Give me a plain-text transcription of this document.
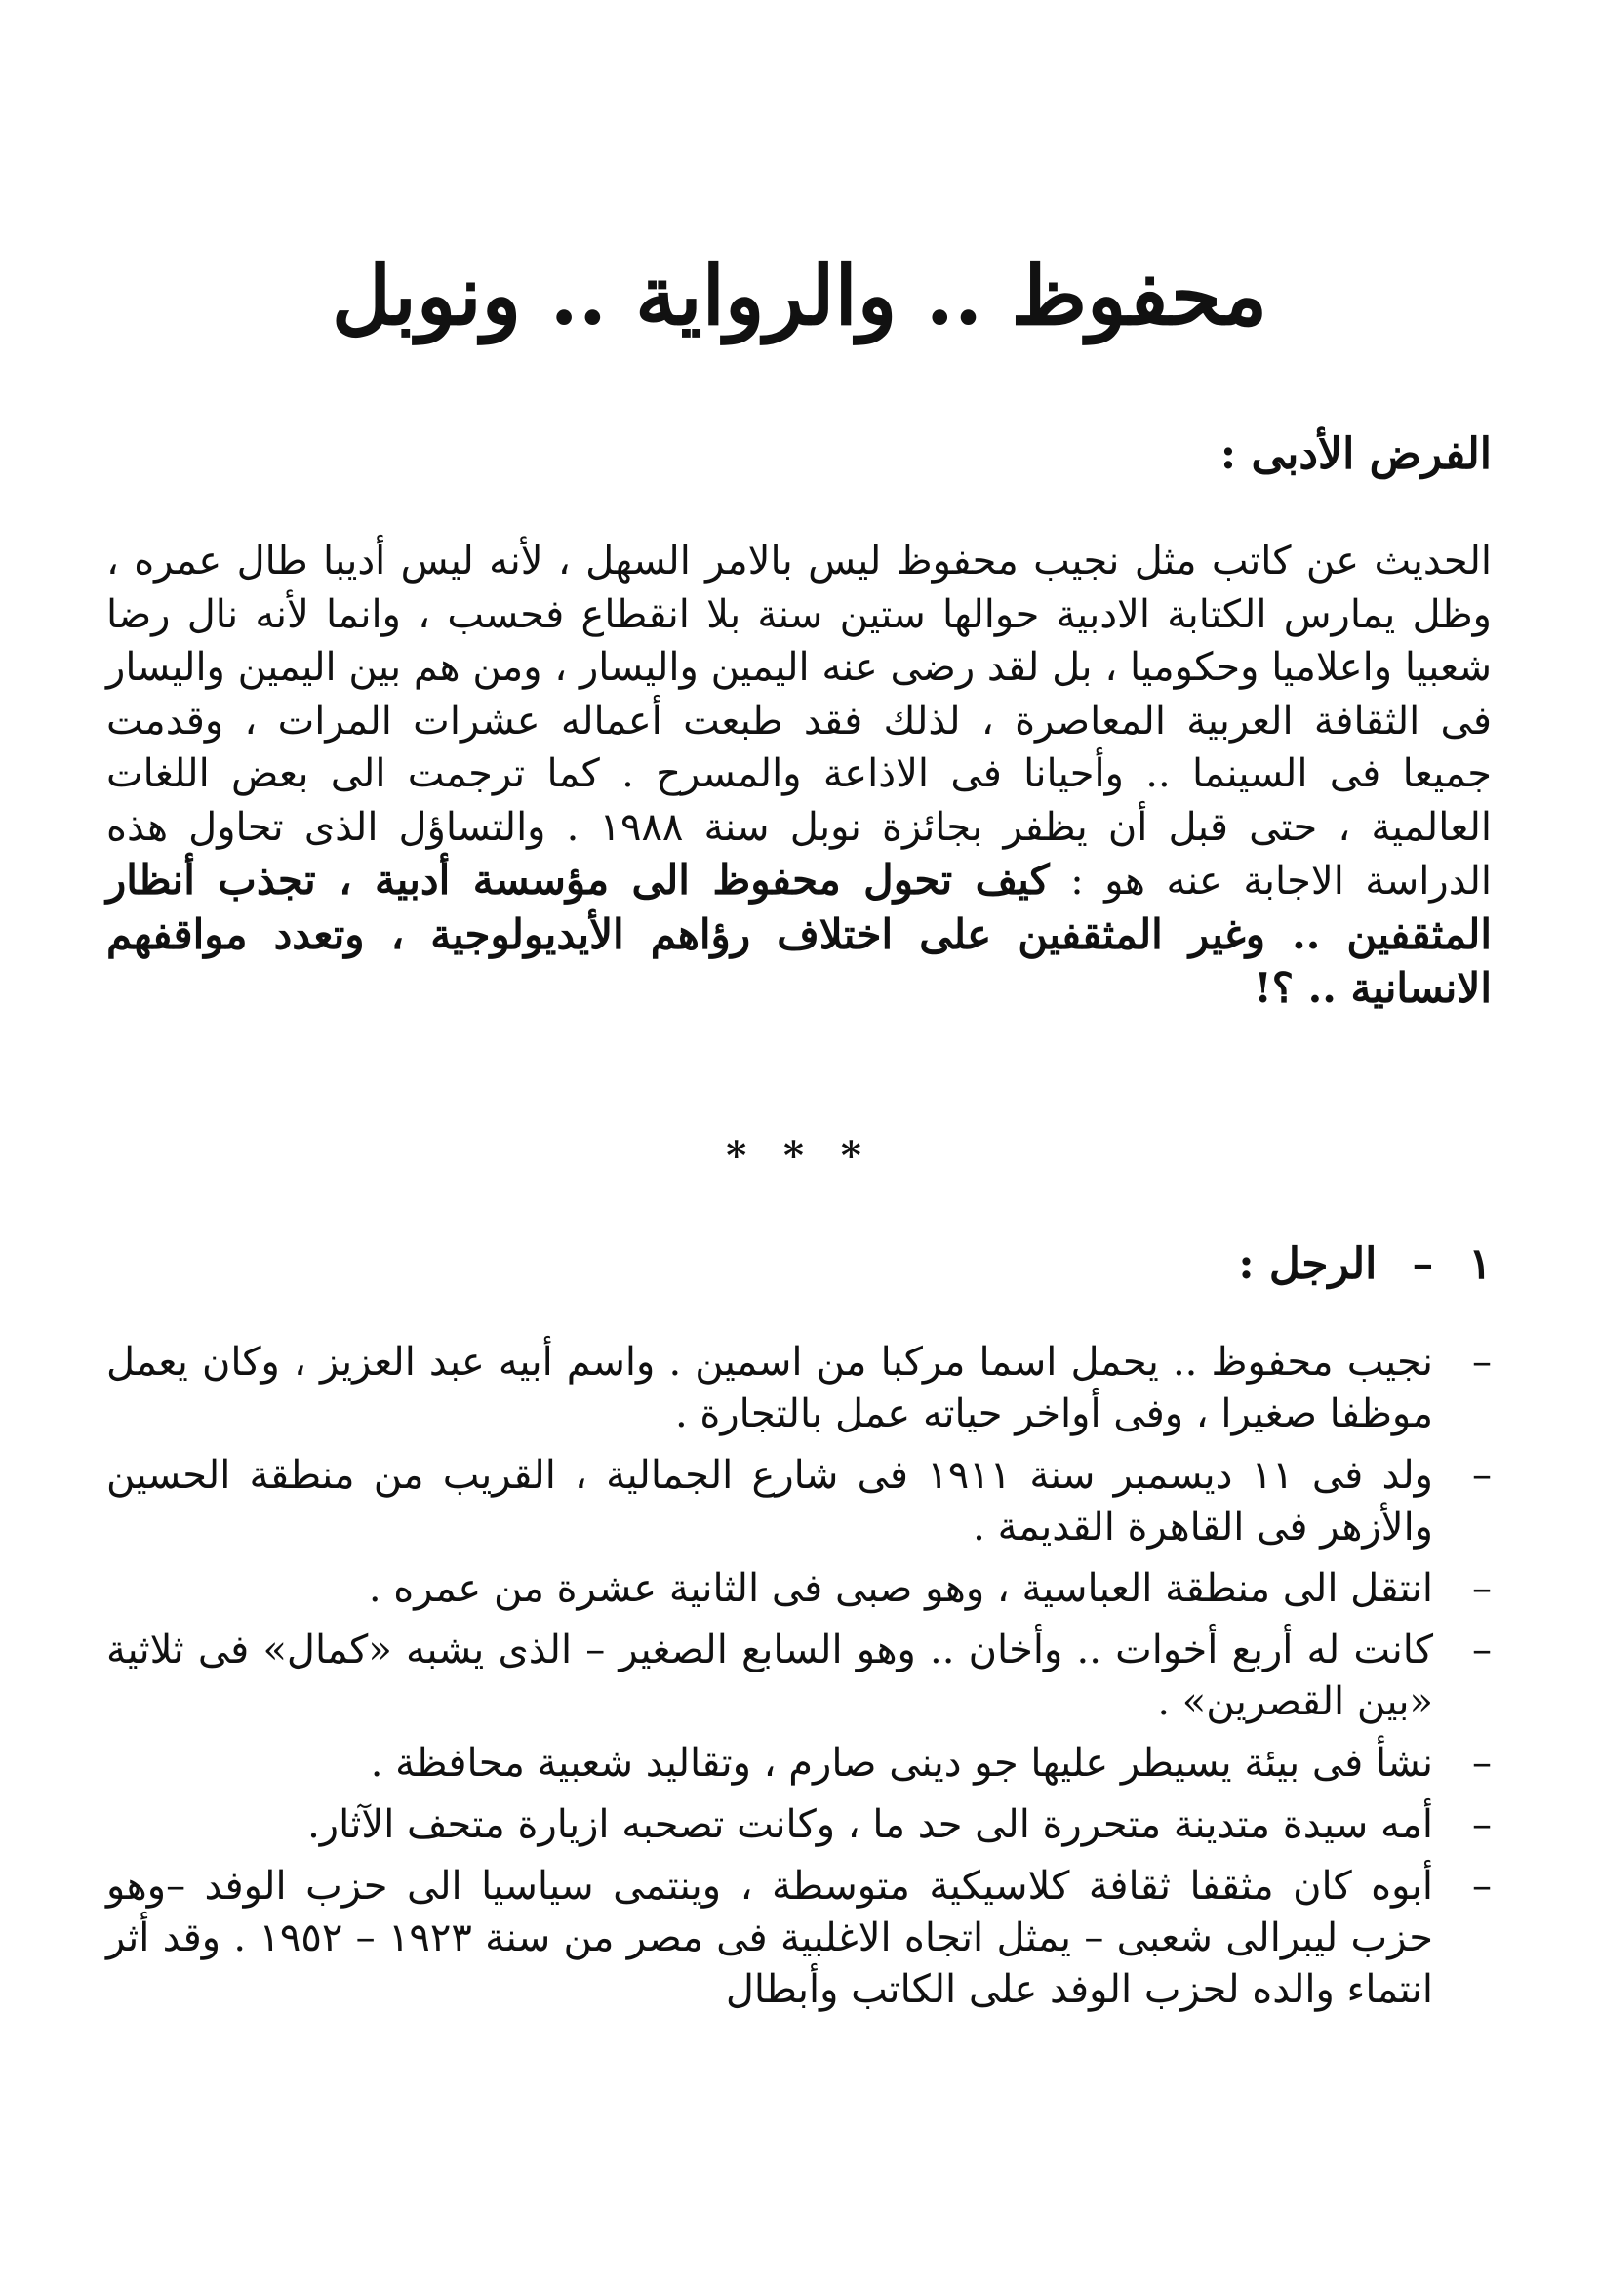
محفوظ .. والرواية .. ونوبل
الفرض الأدبى :

الحديث عن كاتب مثل نجيب محفوظ ليس بالامر السهل ، لأنه ليس أديبا طال عمره ، وظل يمارس الكتابة الادبية حوالها ستين سنة بلا انقطاع فحسب ، وانما لأنه نال رضا شعبيا واعلاميا وحكوميا ، بل لقد رضى عنه اليمين واليسار ، ومن هم بين اليمين واليسار فى الثقافة العربية المعاصرة ، لذلك فقد طبعت أعماله عشرات المرات ، وقدمت جميعا فى السينما .. وأحيانا فى الاذاعة والمسرح . كما ترجمت الى بعض اللغات العالمية ، حتى قبل أن يظفر بجائزة نوبل سنة ١٩٨٨ . والتساؤل الذى تحاول هذه الدراسة الاجابة عنه هو : كيف تحول محفوظ الى مؤسسة أدبية ، تجذب أنظار المثقفين .. وغير المثقفين على اختلاف رؤاهم الأيديولوجية ، وتعدد مواقفهم الانسانية .. ؟!

* * *
١
–
الرجل :
–
نجيب محفوظ .. يحمل اسما مركبا من اسمين . واسم أبيه عبد العزيز ، وكان يعمل موظفا صغيرا ، وفى أواخر حياته عمل بالتجارة .
–
ولد فى ١١ ديسمبر سنة ١٩١١ فى شارع الجمالية ، القريب من منطقة الحسين والأزهر فى القاهرة القديمة .
–
انتقل الى منطقة العباسية ، وهو صبى فى الثانية عشرة من عمره .
–
كانت له أربع أخوات .. وأخان .. وهو السابع الصغير – الذى يشبه «كمال» فى ثلاثية «بين القصرين» .
–
نشأ فى بيئة يسيطر عليها جو دينى صارم ، وتقاليد شعبية محافظة .
–
أمه سيدة متدينة متحررة الى حد ما ، وكانت تصحبه ازيارة متحف الآثار.
–
أبوه كان مثقفا ثقافة كلاسيكية متوسطة ، وينتمى سياسيا الى حزب الوفد –وهو حزب ليبرالى شعبى – يمثل اتجاه الاغلبية فى مصر من سنة ١٩٢٣ – ١٩٥٢ . وقد أثر انتماء والده لحزب الوفد على الكاتب وأبطال
